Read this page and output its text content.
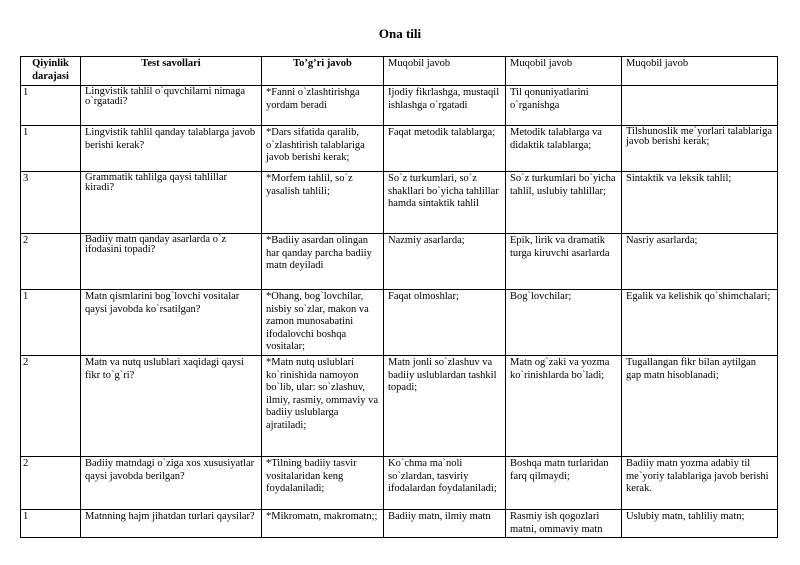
Ona tili
Qiyinlik darajasi	Test savollari	To’g’ri javob	Muqobil javob	Muqobil javob	Muqobil javob
1	Lingvistik tahlil o`quvchilarni nimaga o`rgatadi?	*Fanni o`zlashtirishga yordam beradi	Ijodiy fikrlashga, mustaqil ishlashga o`rgatadi	Til qonuniyatlarini o`rganishga	
1	Lingvistik tahlil qanday talablarga javob berishi kerak?	*Dars sifatida qaralib, o`zlashtirish talablariga javob berishi kerak;	Faqat metodik talablarga;	Metodik talablarga va didaktik talablarga;	Tilshunoslik me`yorlari talablariga javob berishi kerak;
3	Grammatik tahlilga qaysi tahlillar kiradi?	*Morfem tahlil, so`z yasalish tahlili;	So`z turkumlari, so`z shakllari bo`yicha tahlillar hamda sintaktik tahlil	So`z turkumlari bo`yicha tahlil, uslubiy tahlillar;	Sintaktik va leksik tahlil;
2	Badiiy matn qanday asarlarda o`z ifodasini topadi?	*Badiiy asardan olingan har qanday parcha badiiy matn deyiladi	Nazmiy asarlarda;	Epik, lirik va dramatik turga kiruvchi asarlarda	Nasriy asarlarda;
1	Matn qismlarini bog`lovchi vositalar qaysi javobda ko`rsatilgan?	*Ohang, bog`lovchilar, nisbiy so`zlar, makon va zamon munosabatini ifodalovchi boshqa vositalar;	Faqat olmoshlar;	Bog`lovchilar;	Egalik va kelishik qo`shimchalari;
2	Matn va nutq uslublari xaqidagi qaysi fikr to`g`ri?	*Matn nutq uslublari ko`rinishida namoyon bo`lib, ular: so`zlashuv, ilmiy, rasmiy, ommaviy va badiiy uslublarga ajratiladi;	Matn jonli so`zlashuv va badiiy uslublardan tashkil topadi;	Matn og`zaki va yozma ko`rinishlarda bo`ladi;	Tugallangan fikr bilan aytilgan gap matn hisoblanadi;
2	Badiiy matndagi o`ziga xos xususiyatlar qaysi javobda berilgan?	*Tilning badiiy tasvir vositalaridan keng foydalaniladi;	Ko`chma ma`noli so`zlardan, tasviriy ifodalardan foydalaniladi;	Boshqa matn turlaridan farq qilmaydi;	Badiiy matn yozma adabiy til me`yoriy talablariga javob berishi kerak.
1	Matnning hajm jihatdan turlari qaysilar?	*Mikromatn, makromatn;;	Badiiy matn, ilmiy matn	Rasmiy ish qogozlari matni, ommaviy matn	Uslubiy matn, tahliliy matn;
